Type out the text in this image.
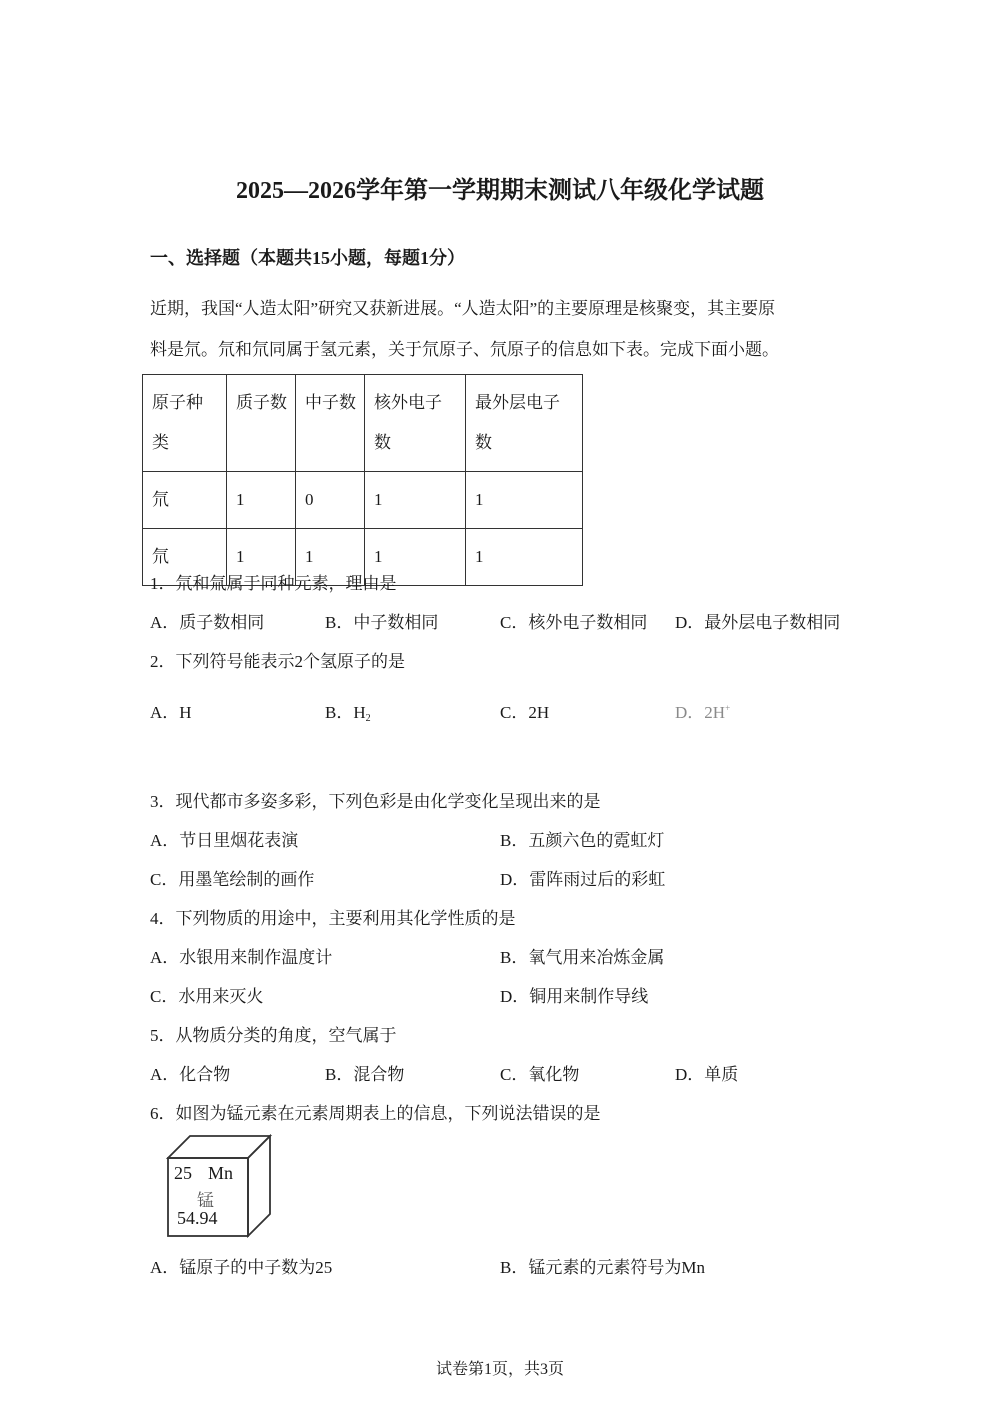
2025—2026学年第一学期期末测试八年级化学试题
一、选择题（本题共15小题，每题1分）
近期，我国“人造太阳”研究又获新进展。“人造太阳”的主要原理是核聚变，其主要原
料是氘。氘和氘同属于氢元素，关于氘原子、氘原子的信息如下表。完成下面小题。
原子种类	质子数	中子数	核外电子数	最外层电子数
氘	1	0	1	1
氘	1	1	1	1
1．氘和氚属于同种元素，理由是
A．质子数相同	B．中子数相同	C．核外电子数相同 D．最外层电子数相同
2．下列符号能表示2个氢原子的是
A．H	B．$H_2$	C．2H	D．2H+
3．现代都市多姿多彩，下列色彩是由化学变化呈现出来的是
A．节日里烟花表演	B．五颜六色的霓虹灯
C．用墨笔绘制的画作	D．雷阵雨过后的彩虹
4．下列物质的用途中，主要利用其化学性质的是
A．水银用来制作温度计	B．氧气用来冶炼金属
C．水用来灭火	D．铜用来制作导线
5．从物质分类的角度，空气属于
A．化合物	B．混合物	C．氧化物	D．单质
6．如图为锰元素在元素周期表上的信息，下列说法错误的是
25 Mn
锰
54.94
A．锰原子的中子数为25	B．锰元素的元素符号为Mn
试卷第1页，共3页
